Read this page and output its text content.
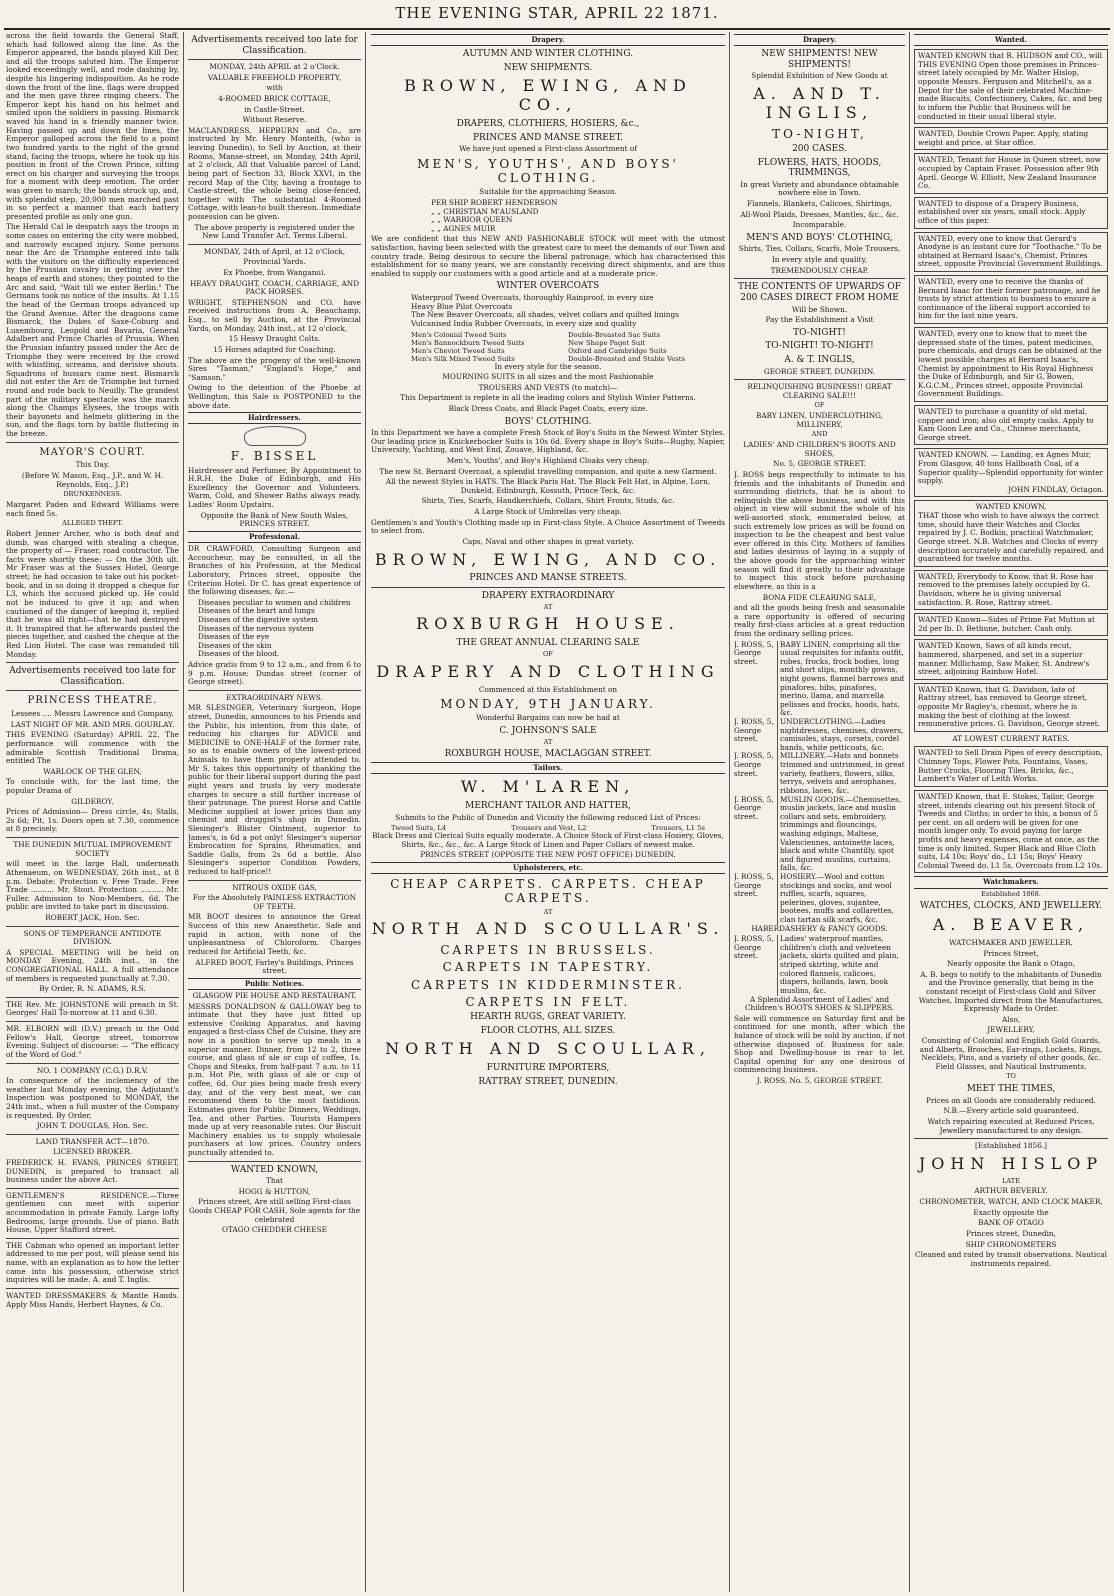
THE EVENING STAR, APRIL 22 1871.

across the field towards the General Staff, which had followed along the line. As the Emperor appeared, the bands played Kill Der, and all the troops saluted him. The Emperor looked exceedingly well, and rode dashing by, despite his lingering indisposition. As he rode down the front of the line, flags were dropped and the men gave three ringing cheers. The Emperor kept his hand on his helmet and smiled upon the soldiers in passing. Bismarck waved his hand in a friendly manner twice. Having passed up and down the lines, the Emperor galloped across the field to a point two hundred yards to the right of the grand stand, facing the troops, where he took up his position in front of the Crown Prince, sitting erect on his charger and surveying the troops for a moment with deep emotion. The order was given to march; the bands struck up, and, with splendid step, 20,000 men marched past in so perfect a manner that each battery presented profile as only one gun.

The Herald Cal le despatch says the troops in some cases on entering the city were mobbed, and narrowly escaped injury. Some persons near the Arc de Triomphe entered into talk with the visitors on the difficulty experienced by the Prussian cavalry in getting over the heaps of earth and stones; they pointed to the Arc and said, "Wait till we enter Berlin." The Germans took no notice of the insults. At 1.15 the head of the German troops advanced up the Grand Avenue. After the dragoons came Bismarck, the Dukes of Saxe-Coburg and Luxembourg, Leopold and Bavaria, General Adalbert and Prince Charles of Prussia. When the Prussian infantry passed under the Arc de Triomphe they were received by the crowd with whistling, screams, and derisive shouts. Squadrons of hussars came next. Bismarck did not enter the Arc de Triomphe but turned round and rode back to Neuilly. The grandest part of the military spectacle was the march along the Champs Elysees, the troops with their bayonets and helmets glittering in the sun, and the flags torn by battle fluttering in the breeze.

MAYOR'S COURT.

This Day.

(Before W. Mason, Esq., J.P., and W. H. Reynolds, Esq., J.P.)

DRUNKENNESS.

Margaret Paden and Edward Williams were each fined 5s.

ALLEGED THEFT.

Robert Jenner Archer, who is both deaf and dumb, was charged with stealing a cheque, the property of — Fraser, road contractor. The facts were shortly these: — On the 30th ult. Mr Fraser was at the Sussex Hotel, George street; he had occasion to take out his pocket-book, and in so doing it dropped a cheque for L3, which the accused picked up. He could not be induced to give it up; and when cautioned of the danger of keeping it, replied that he was all right—that he had destroyed it. It transpired that he afterwards pasted the pieces together, and cashed the cheque at the Red Lion Hotel. The case was remanded till Monday.

Advertisements received too late for Classification.
PRINCESS THEATRE.

Lessees .... Messrs Lawrence and Company.

LAST NIGHT OF MR. AND MRS. GOURLAY.

THIS EVENING (Saturday) APRIL 22, The performance will commence with the admirable Scottish Traditional Drama, entitled The

WARLOCK OF THE GLEN,

To conclude with, for the last time, the popular Drama of

GILDEROY.

Prices of Admission— Dress circle, 4s; Stalls, 2s 6d; Pit, 1s. Doors open at 7.30, commence at 8 precisely.

THE DUNEDIN MUTUAL IMPROVEMENT SOCIETY

will meet in the large Hall, underneath Athenaeum, on WEDNESDAY, 26th inst., at 8 p.m. Debate: Protection v. Free Trade. Free Trade .......... Mr. Stout. Protection .......... Mr. Fuller. Admission to Non-Members, 6d. The public are invited to take part in discussion.

ROBERT JACK, Hon. Sec.

SONS OF TEMPERANCE ANTIDOTE DIVISION.

A SPECIAL MEETING will be held on MONDAY Evening, 24th inst., in the CONGREGATIONAL HALL. A full attendance of members is requested punctually at 7.30.

By Order, R. N. ADAMS, R.S.

THE Rev. Mr. JOHNSTONE will preach in St. Georges' Hall To-morrow at 11 and 6.30.

MR. ELBORN will (D.V.) preach in the Odd Fellow's Hall, George street, tomorrow Evening. Subject of discourse: — "The efficacy of the Word of God."

NO. 1 COMPANY (C.G.) D.R.V.

In consequence of the inclemency of the weather last Monday evening, the Adjutant's Inspection was postponed to MONDAY, the 24th inst., when a full muster of the Company is requested. By Order,

JOHN T. DOUGLAS, Hon. Sec.

LAND TRANSFER ACT—1870.

LICENSED BROKER.

FREDERICK H. EVANS, PRINCES STREET, DUNEDIN, is prepared to transact all business under the above Act.

GENTLEMEN'S RESIDENCE.—Three gentlemen can meet with superior accommodation in private Family. Large lofty Bedrooms, large grounds. Use of piano. Bath House, Upper Stafford street.

THE Cabman who opened an important letter addressed to me per post, will please send his name, with an explanation as to how the letter came into his possession, otherwise strict inquiries will be made. A. and T. Inglis.

WANTED DRESSMAKERS & Mantle Hands. Apply Miss Hands, Herbert Haynes, & Co.

Advertisements received too late for Classification.

MONDAY, 24th APRIL at 2 o'Clock.

VALUABLE FREEHOLD PROPERTY,

with

4-ROOMED BRICK COTTAGE,

in Castle-Street.

Without Reserve.

MACLANDRESS, HEPBURN and Co., are instructed by Mr. Henry Monteith, (who is leaving Dunedin), to Sell by Auction, at their Rooms, Manse-street, on Monday, 24th April, at 2 o'clock, All that Valuable parcel of Land, being part of Section 33, Block XXVI, in the record Map of the City, having a frontage to Castle-street, the whole being close-fenced, together with The substantial 4-Roomed Cottage, with lean-to built thereon. Immediate possession can be given.

The above property is registered under the New Land Transfer Act. Terms Liberal.

MONDAY, 24th of April, at 12 o'Clock,

Provincial Yards.

Ex Phoebe, from Wanganui.

HEAVY DRAUGHT, COACH, CARRIAGE, AND PACK HORSES.

WRIGHT, STEPHENSON and CO. have received instructions from A. Beauchamp, Esq., to sell by Auction, at the Provincial Yards, on Monday, 24th inst., at 12 o'clock,

15 Heavy Draught Colts.

15 Horses adapted for Coaching.

The above are the progeny of the well-known Sires "Tasman," "England's Hope," and "Samson."

Owing to the detention of the Phoebe at Wellington, this Sale is POSTPONED to the above date.

Hairdressers.
F. BISSEL

Hairdresser and Perfumer, By Appointment to H.R.H. the Duke of Edinburgh, and His Excellency the Governor and Volunteers. Warm, Cold, and Shower Baths always ready. Ladies' Room Upstairs.

Opposite the Bank of New South Wales, PRINCES STREET.

Professional.

DR CRAWFORD, Consulting Surgeon and Accoucheur, may be consulted, in all the Branches of his Profession, at the Medical Laboratory, Princes street, opposite the Criterion Hotel. Dr C. has great experience of the following diseases, &c.—

Diseases peculiar to women and children
Diseases of the heart and lungs
Diseases of the digestive system
Diseases of the nervous system
Diseases of the eye
Diseases of the skin
Diseases of the blood.

Advice gratis from 9 to 12 a.m., and from 6 to 9 p.m. House: Dundas street (corner of George street).

EXTRAORDINARY NEWS.

MR SLESINGER, Veterinary Surgeon, Hope street, Dunedin, announces to his Friends and the Public, his intention, from this date, of reducing his charges for ADVICE and MEDICINE to ONE-HALF of the former rate, so as to enable owners of the lowest-priced Animals to have them properly attended to. Mr S. takes this opportunity of thanking the public for their liberal support during the past eight years and trusts by very moderate charges to secure a still further increase of their patronage. The purest Horse and Cattle Medicine supplied at lower prices than any chemist and druggist's shop in Dunedin. Slesinger's Blister Ointment, superior to James's, is 6d a pot only! Slesinger's superior Embrocation for Sprains, Rheumatics, and Saddle Galls, from 2s 6d a bottle. Also Slesinger's superior Condition Powders, reduced to half-price!!

NITROUS OXIDE GAS,

For the Absolutely PAINLESS EXTRACTION OF TEETH.

MR BOOT desires to announce the Great Success of this new Anaesthetic. Safe and rapid in action, with none of the unpleasantness of Chloroform. Charges reduced for Artificial Teeth, &c.

ALFRED BOOT, Farley's Buildings, Princes street.

Public Notices.

GLASGOW PIE HOUSE AND RESTAURANT.

MESSRS DONALDSON & GALLOWAY beg to intimate that they have just fitted up extensive Cooking Apparatus, and having engaged a first-class Chef de Cuisine, they are now in a position to serve up meals in a superior manner. Dinner, from 12 to 2, three course, and glass of ale or cup of coffee, 1s. Chops and Steaks, from half-past 7 a.m. to 11 p.m. Hot Pie, with glass of ale or cup of coffee, 6d. Our pies being made fresh every day, and of the very best meat, we can recommend them to the most fastidious. Estimates given for Public Dinners, Weddings, Tea, and other Parties. Tourists Hampers made up at very reasonable rates. Our Biscuit Machinery enables us to supply wholesale purchasers at low prices. Country orders punctually attended to.

WANTED KNOWN,

That

HOGG & HUTTON,

Princes street, Are still selling First-class Goods CHEAP FOR CASH, Sole agents for the celebrated

OTAGO CHEDDER CHEESE

Drapery.
AUTUMN AND WINTER CLOTHING.
NEW SHIPMENTS.
BROWN, EWING, AND CO.,
DRAPERS, CLOTHIERS, HOSIERS, &c.,
PRINCES AND MANSE STREET.

We have just opened a First-class Assortment of

MEN'S, YOUTHS', AND BOYS' CLOTHING.

Suitable for the approaching Season.

PER SHIP ROBERT HENDERSON
„ „ CHRISTIAN M'AUSLAND
„ „ WARRIOR QUEEN
„ „ AGNES MUIR

We are confident that this NEW AND FASHIONABLE STOCK will meet with the utmost satisfaction, having been selected with the greatest care to meet the demands of our Town and country trade. Being desirous to secure the liberal patronage, which has characterised this establishment for so many years, we are constantly receiving direct shipments, and are thus enabled to supply our customers with a good article and at a moderate price.

WINTER OVERCOATS
Waterproof Tweed Overcoats, thoroughly Rainproof, in every size
Heavy Blue Pilot Overcoats
The New Beaver Overcoats, all shades, velvet collars and quilted linings
Vulcanised India Rubber Overcoats, in every size and quality
Men's Colonial Tweed Suits
Men's Bannockburn Tweed Suits
Men's Cheviot Tweed Suits
Men's Silk Mixed Tweed Suits
Double-Breasted Sac Suits
New Shape Paget Suit
Oxford and Cambridge Suits
Double-Breasted and Stable Vests

In every style for the season.

MOURNING SUITS in all sizes and the most Fashionable

TROUSERS AND VESTS (to match)—

This Department is replete in all the leading colors and Stylish Winter Patterns.

Black Dress Coats, and Black Paget Coats, every size.

BOYS' CLOTHING.

In this Department we have a complete Fresh Stock of Boy's Suits in the Newest Winter Styles. Our leading price in Knickerbocker Suits is 10s 6d. Every shape in Boy's Suits—Rugby, Napier, University, Yachting, and West End, Zouave, Highland, &c.

Men's, Youths', and Boy's Highland Cloaks very cheap.

The new St. Bernard Overcoat, a splendid travelling companion, and quite a new Garment.

All the newest Styles in HATS. The Black Paris Hat. The Black Felt Hat, in Alpine, Lorn, Dunkeld, Edinburgh, Kossuth, Prince Teck, &c.

Shirts, Ties, Scarfs, Handkerchiefs, Collars, Shirt Fronts, Studs, &c.

A Large Stock of Umbrellas very cheap.

Gentlemen's and Youth's Clothing made up in First-class Style. A Choice Assortment of Tweeds to select from.

Caps, Naval and other shapes in great variety.

BROWN, EWING, AND CO.
PRINCES AND MANSE STREETS.
DRAPERY EXTRAORDINARY

AT

ROXBURGH HOUSE.
THE GREAT ANNUAL CLEARING SALE

OF

DRAPERY AND CLOTHING

Commenced at this Establishment on

MONDAY, 9TH JANUARY.

Wonderful Bargains can now be had at

C. JOHNSON'S SALE

AT

ROXBURGH HOUSE, MACLAGGAN STREET.
Tailors.
W. M'LAREN,
MERCHANT TAILOR AND HATTER,

Submits to the Public of Dunedin and Vicinity the following reduced List of Prices:

Tweed Suits, L4	Trousers and Vest, L2	Trousers, L1 5s

Black Dress and Clerical Suits equally moderate. A Choice Stock of First-class Hosiery, Gloves, Shirts, &c., &c., &c. A Large Stock of Linen and Paper Collars of newest make.

PRINCES STREET (OPPOSITE THE NEW POST OFFICE) DUNEDIN.

Upholsterers, etc.
CHEAP CARPETS. CARPETS. CHEAP CARPETS.

AT

NORTH AND SCOULLAR'S.
CARPETS IN BRUSSELS.
CARPETS IN TAPESTRY.
CARPETS IN KIDDERMINSTER.
CARPETS IN FELT.
HEARTH RUGS, GREAT VARIETY.
FLOOR CLOTHS, ALL SIZES.
NORTH AND SCOULLAR,
FURNITURE IMPORTERS,
RATTRAY STREET, DUNEDIN.
Drapery.
NEW SHIPMENTS! NEW SHIPMENTS!

Splendid Exhibition of New Goods at

A. AND T. INGLIS,
TO-NIGHT,
200 CASES.
FLOWERS, HATS, HOODS, TRIMMINGS,

In great Variety and abundance obtainable nowhere else in Town.

Flannels, Blankets, Calicoes, Shirtings,

All-Wool Plaids, Dresses, Mantles, &c., &c.

Incomparable.

MEN'S AND BOYS' CLOTHING,

Shirts, Ties, Collars, Scarfs, Mole Trousers,

In every style and quality,

TREMENDOUSLY CHEAP.

THE CONTENTS OF UPWARDS OF 200 CASES DIRECT FROM HOME

Will be Shown.

Pay the Establishment a Visit

TO-NIGHT!
TO-NIGHT! TO-NIGHT!
A. & T. INGLIS,

GEORGE STREET, DUNEDIN.

RELINQUISHING BUSINESS!! GREAT CLEARING SALE!!!

OF

BABY LINEN, UNDERCLOTHING, MILLINERY,

AND

LADIES' AND CHILDREN'S BOOTS AND SHOES,

No. 5, GEORGE STREET.

J. ROSS begs respectfully to intimate to his friends and the inhabitants of Dunedin and surrounding districts, that he is about to relinquish the above business, and with this object in view will submit the whole of his well-assorted stock, enumerated below, at such extremely low prices as will be found on inspection to be the cheapest and best value ever offered in this City. Mothers of families and ladies desirous of laying in a supply of the above goods for the approaching winter season will find it greatly to their advantage to inspect this stock before purchasing elsewhere, as this is a

BONA FIDE CLEARING SALE,

and all the goods being fresh and seasonable a rare opportunity is offered of securing really first-class articles at a great reduction from the ordinary selling prices.

J. ROSS, 5, George street.
BABY LINEN, comprising all the usual requisites for infants outfit, robes, frocks, frock bodies, long and short slips, monthly gowns, night gowns, flannel barrows and pinafores, bibs, pinafores, merino, llama, and marcella pelisses and frocks, hoods, hats, &c.
J. ROSS, 5, George street.
UNDERCLOTHING.—Ladies nightdresses, chemises, drawers, camisoles, stays, corsets, cordel bands, white petticoats, &c.
J. ROSS, 5, George street.
MILLINERY.—Hats and bonnets trimmed and untrimmed, in great variety, feathers, flowers, silks, terrys, velvets and aerophanes, ribbons, laces, &c.
J. ROSS, 5, George street.
MUSLIN GOODS.—Chemisettes, muslin jackets, lace and muslin collars and sets, embroidery, trimmings and flouncings, washing edgings, Maltese, Valenciennes, antoinette laces, black and white Chantilly, spot and figured muslins, curtains, falls, &c.
J. ROSS, 5, George street.
HOSIERY.—Wool and cotton stockings and socks, and wool ruffles, scarfs, squares, pelerines, gloves, sujantee, bootees, muffs and collarettes, clan tartan silk scarfs, &c.

HABERDASHERY & FANCY GOODS.

J. ROSS, 5, George street.
Ladies' waterproof mantles, children's cloth and velveteen jackets, skirts quilted and plain, striped skirting, white and colored flannels, calicoes, diapers, hollands, lawn, book muslins, &c.

A Splendid Assortment of Ladies' and Children's BOOTS SHOES & SLIPPERS.

Sale will commence on Saturday first and be continued for one month, after which the balance of stock will be sold by auction, if not otherwise disposed of. Business for sale. Shop and Dwelling-house in rear to let. Capital opening for any one desirous of commencing business.

J. ROSS, No. 5, GEORGE STREET.

Wanted.
WANTED KNOWN that R. HUDSON and CO., will THIS EVENING Open those premises in Princes-street lately occupied by Mr. Walter Hislop, opposite Messrs. Ferguson and Mitchell's, as a Depot for the sale of their celebrated Machine-made Biscuits, Confectionery, Cakes, &c. and beg to inform the Public that Business will be conducted in their usual liberal style.
WANTED, Double Crown Paper. Apply, stating weight and price, at Star office.
WANTED, Tenant for House in Queen street, now occupied by Captain Fraser. Possession after 9th April. George W. Elliott, New Zealand Insurance Co.
WANTED to dispose of a Drapery Business, established over six years, small stock. Apply office of this paper.
WANTED, every one to know that Gerard's Anodyne is an instant cure for "Toothache." To be obtained at Bernard Isaac's, Chemist, Princes street, opposite Provincial Government Buildings.
WANTED, every one to receive the thanks of Bernard Isaac for their former patronage, and he trusts by strict attention to business to ensure a continuance of the liberal support accorded to him for the last nine years.
WANTED, every one to know that to meet the depressed state of the times, patent medicines, pure chemicals, and drugs can be obtained at the lowest possible charges at Bernard Isaac's, Chemist by appointment to His Royal Highness the Duke of Edinburgh, and Sir G. Bowen, K.G.C.M., Princes street, opposite Provincial Government Buildings.
WANTED to purchase a quantity of old metal, copper and iron; also old empty casks. Apply to Kam Goon Lee and Co., Chinese merchants, George street.
WANTED KNOWN. — Landing, ex Agnes Muir, From Glasgow, 40 tons Hallboath Coal, of a Superior quality—Splendid opportunity for winter supply.
JOHN FINDLAY, Octagon.
WANTED KNOWN,
THAT those who wish to have always the correct time, should have their Watches and Clocks repaired by J. C. Bodkin, practical Watchmaker, George street. N.B. Watches and Clocks of every description accurately and carefully repaired, and guaranteed for twelve months.
WANTED, Everybody to Know, that B. Rose has removed to the premises lately occupied by G. Davidson, where he is giving universal satisfaction. R. Rose, Rattray street.
WANTED Known—Sides of Prime Fat Mutton at 2d per lb. D. Bethune, butcher. Cash only.
WANTED Known, Saws of all kinds recut, hammered, sharpened, and set in a superior manner. Millichamp, Saw Maker, St. Andrew's street, adjoining Rainbow Hotel.
WANTED Known, that G. Davidson, late of Rattray street, has removed to George street, opposite Mr Bagley's, chemist, where he is making the best of clothing at the lowest remunerative prices. G. Davidson, George street.

AT LOWEST CURRENT RATES.

WANTED to Sell Drain Pipes of every description, Chimney Tops, Flower Pots, Fountains, Vases, Butter Crocks, Flooring Tiles, Bricks, &c., Lambert's Water of Leith Works.
WANTED Known, that E. Stokes, Tailor, George street, intends clearing out his present Stock of Tweeds and Cloths; in order to this, a bonus of 5 per cent. on all orders will be given for one month longer only. To avoid paying for large profits and heavy expenses, come at once, as the time is only limited. Super Black and Blue Cloth suits, L4 10s; Boys' do., L1 15s; Boys' Heavy Colonial Tweed do. L1 5s. Overcoats from L2 10s.
Watchmakers.

Established 1868.

WATCHES, CLOCKS, AND JEWELLERY.
A. BEAVER,

WATCHMAKER AND JEWELLER,

Princes Street,

Nearly opposite the Bank o Otago,

A. B. begs to notify to the inhabitants of Dunedin and the Province generally, that being in the constant receipt of First-class Gold and Silver Watches, Imported direct from the Manufactures, Expressly Made to Order.

Also,

JEWELLERY,

Consisting of Colonial and English Gold Guards, and Alberts, Brooches, Ear-rings, Lockets, Rings, Necklets, Pins, and a variety of other goods, &c. Field Glasses, and Nautical Instruments.

TO

MEET THE TIMES,

Prices on all Goods are considerably reduced.

N.B.—Every article sold guaranteed.

Watch repairing executed at Reduced Prices, Jewellery manufactured to any design.

[Established 1856.]

JOHN HISLOP

LATE

ARTHUR BEVERLY.

CHRONOMETER, WATCH, AND CLOCK MAKER,

Exactly opposite the

BANK OF OTAGO

Princes street, Dunedin,

SHIP CHRONOMETERS

Cleaned and rated by transit observations. Nautical instruments repaired.
